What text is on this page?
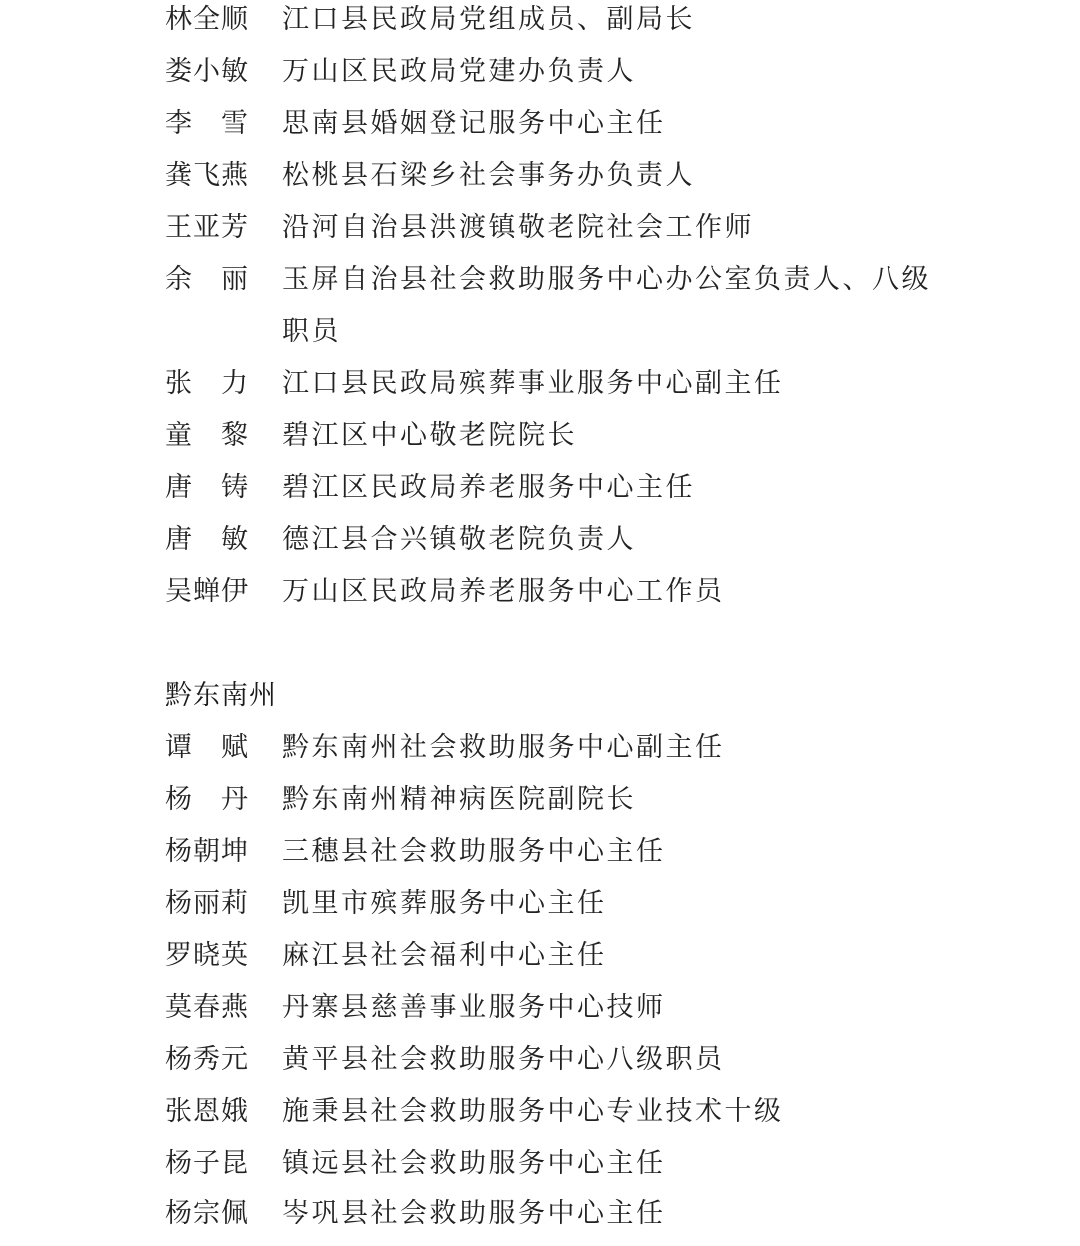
林全顺 江口县民政局党组成员、副局长
娄小敏 万山区民政局党建办负责人
李 雪 思南县婚姻登记服务中心主任
龚飞燕 松桃县石梁乡社会事务办负责人
王亚芳 沿河自治县洪渡镇敬老院社会工作师
余 丽 玉屏自治县社会救助服务中心办公室负责人、八级
职员
张 力 江口县民政局殡葬事业服务中心副主任
童 黎 碧江区中心敬老院院长
唐 铸 碧江区民政局养老服务中心主任
唐 敏 德江县合兴镇敬老院负责人
吴蝉伊 万山区民政局养老服务中心工作员
黔东南州
谭 赋 黔东南州社会救助服务中心副主任
杨 丹 黔东南州精神病医院副院长
杨朝坤 三穗县社会救助服务中心主任
杨丽莉 凯里市殡葬服务中心主任
罗晓英 麻江县社会福利中心主任
莫春燕 丹寨县慈善事业服务中心技师
杨秀元 黄平县社会救助服务中心八级职员
张恩娥 施秉县社会救助服务中心专业技术十级
杨子昆 镇远县社会救助服务中心主任
杨宗佩 岑巩县社会救助服务中心主任
